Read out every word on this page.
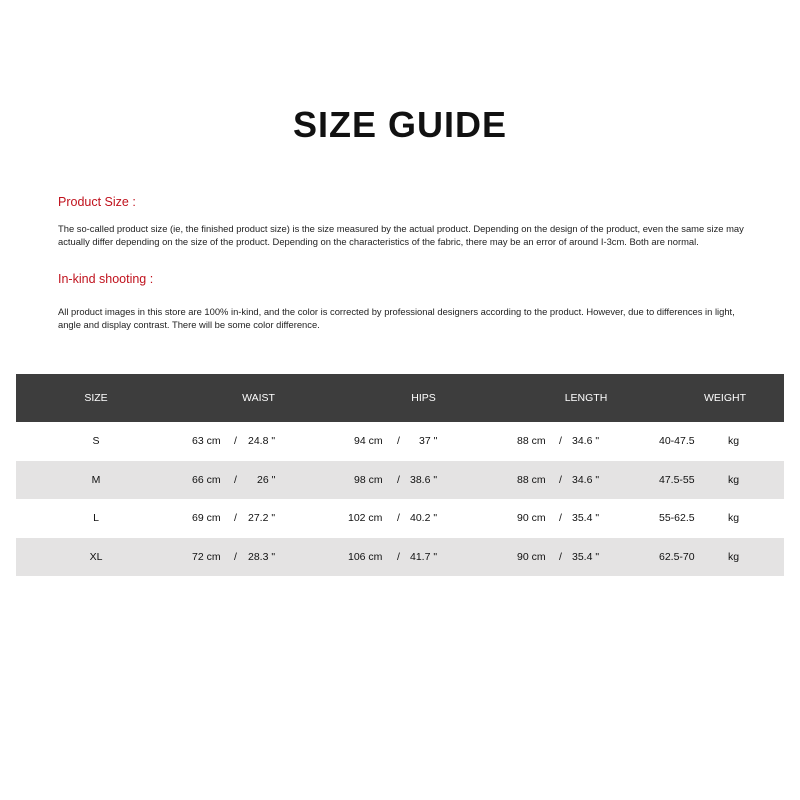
SIZE GUIDE
Product Size :

The so-called product size (ie, the finished product size) is the size measured by the actual product. Depending on the design of the product, even the same size may actually differ depending on the size of the product. Depending on the characteristics of the fabric, there may be an error of around I-3cm. Both are normal.

In-kind shooting :

All product images in this store are 100% in-kind, and the color is corrected by professional designers according to the product. However, due to differences in light, angle and display contrast. There will be some color difference.

SIZE	WAIST	HIPS	LENGTH	WEIGHT
S	63 cm / 24.8 "	94 cm / 37 "	88 cm / 34.6 "	40-47.5	kg
M	66 cm / 26 "	98 cm / 38.6 "	88 cm / 34.6 "	47.5-55	kg
L	69 cm / 27.2 "	102 cm / 40.2 "	90 cm / 35.4 "	55-62.5	kg
XL	72 cm / 28.3 "	106 cm / 41.7 "	90 cm / 35.4 "	62.5-70	kg
